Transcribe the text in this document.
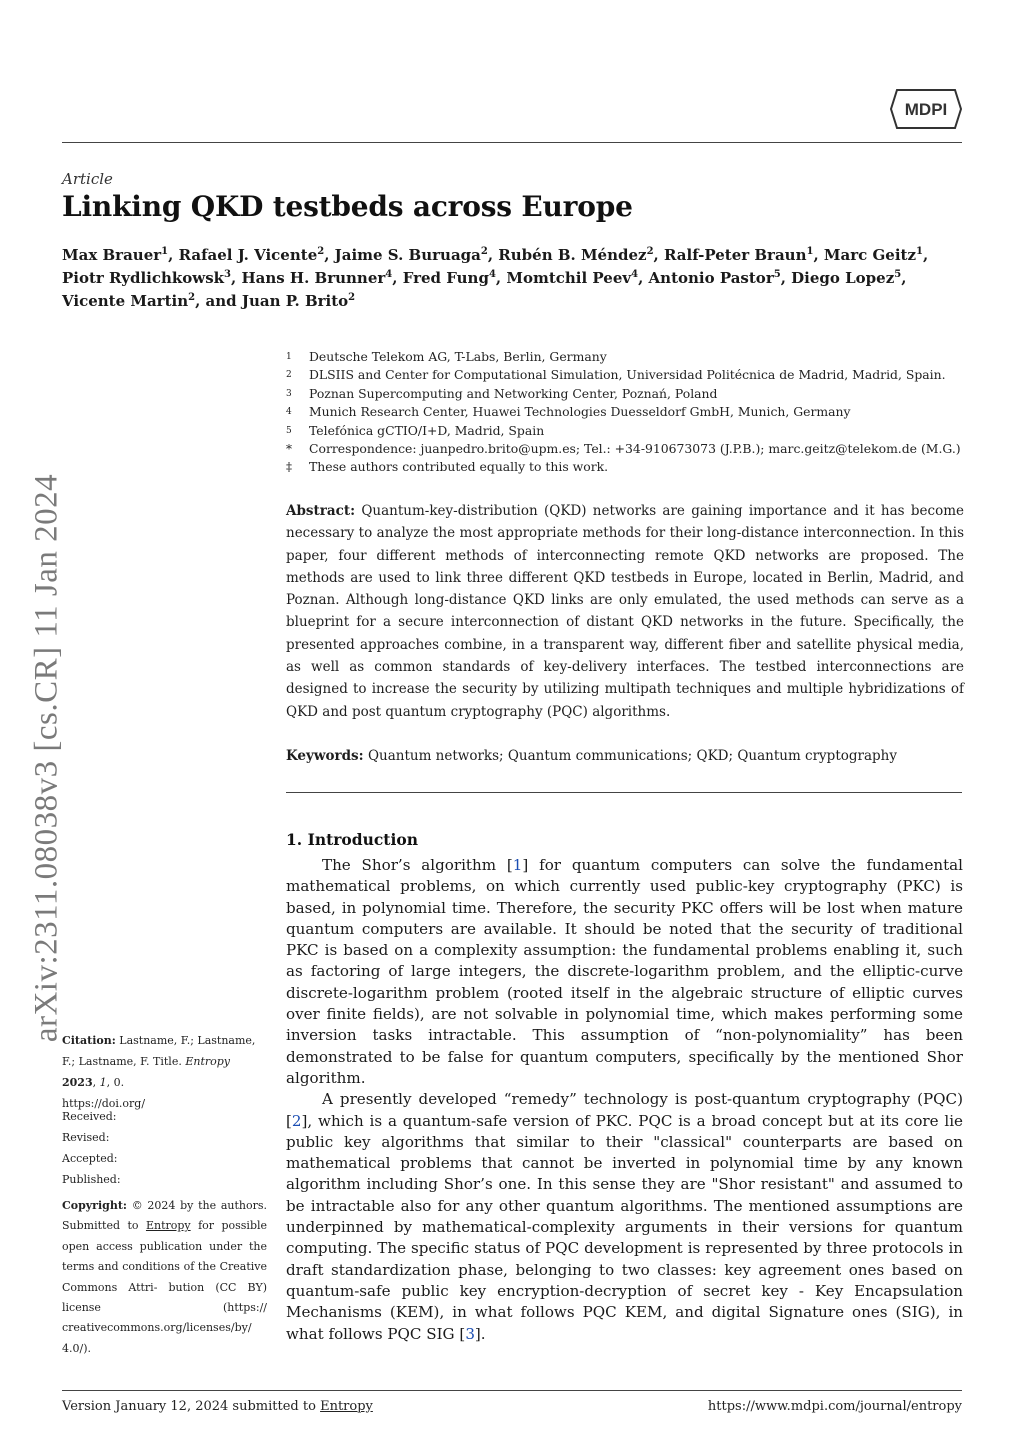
MDPI
Article
Linking QKD testbeds across Europe
Max Brauer$^1$, Rafael J. Vicente$^2$, Jaime S. Buruaga$^2$, Rubén B. Méndez$^2$, Ralf-Peter Braun$^1$, Marc Geitz$^1$, Piotr Rydlichkowsk$^3$, Hans H. Brunner$^4$, Fred Fung$^4$, Momtchil Peev$^4$, Antonio Pastor$^5$, Diego Lopez$^5$, Vicente Martin$^2$, and Juan P. Brito$^2$
1	Deutsche Telekom AG, T-Labs, Berlin, Germany
2	DLSIIS and Center for Computational Simulation, Universidad Politécnica de Madrid, Madrid, Spain.
3	Poznan Supercomputing and Networking Center, Poznań, Poland
4	Munich Research Center, Huawei Technologies Duesseldorf GmbH, Munich, Germany
5	Telefónica gCTIO/I+D, Madrid, Spain
*	Correspondence: juanpedro.brito@upm.es; Tel.: +34-910673073 (J.P.B.); marc.geitz@telekom.de (M.G.)
‡	These authors contributed equally to this work.
Abstract: Quantum-key-distribution (QKD) networks are gaining importance and it has become necessary to analyze the most appropriate methods for their long-distance interconnection. In this paper, four different methods of interconnecting remote QKD networks are proposed. The methods are used to link three different QKD testbeds in Europe, located in Berlin, Madrid, and Poznan. Although long-distance QKD links are only emulated, the used methods can serve as a blueprint for a secure interconnection of distant QKD networks in the future. Specifically, the presented approaches combine, in a transparent way, different fiber and satellite physical media, as well as common standards of key-delivery interfaces. The testbed interconnections are designed to increase the security by utilizing multipath techniques and multiple hybridizations of QKD and post quantum cryptography (PQC) algorithms.
Keywords: Quantum networks; Quantum communications; QKD; Quantum cryptography
1. Introduction

The Shor’s algorithm [1] for quantum computers can solve the fundamental mathematical problems, on which currently used public-key cryptography (PKC) is based, in polynomial time. Therefore, the security PKC offers will be lost when mature quantum computers are available. It should be noted that the security of traditional PKC is based on a complexity assumption: the fundamental problems enabling it, such as factoring of large integers, the discrete-logarithm problem, and the elliptic-curve discrete-logarithm problem (rooted itself in the algebraic structure of elliptic curves over finite fields), are not solvable in polynomial time, which makes performing some inversion tasks intractable. This assumption of “non-polynomiality” has been demonstrated to be false for quantum computers, specifically by the mentioned Shor algorithm.

A presently developed “remedy” technology is post-quantum cryptography (PQC) [2], which is a quantum-safe version of PKC. PQC is a broad concept but at its core lie public key algorithms that similar to their "classical" counterparts are based on mathematical problems that cannot be inverted in polynomial time by any known algorithm including Shor’s one. In this sense they are "Shor resistant" and assumed to be intractable also for any other quantum algorithms. The mentioned assumptions are underpinned by mathematical-complexity arguments in their versions for quantum computing. The specific status of PQC development is represented by three protocols in draft standardization phase, belonging to two classes: key agreement ones based on quantum-safe public key encryption-decryption of secret key - Key Encapsulation Mechanisms (KEM), in what follows PQC KEM, and digital Signature ones (SIG), in what follows PQC SIG [3].

arXiv:2311.08038v3 [cs.CR] 11 Jan 2024
Citation: Lastname, F.; Lastname, F.; Lastname, F. Title. Entropy 2023, 1, 0.
https://doi.org/
Received:
Revised:
Accepted:
Published:
Copyright: © 2024 by the authors. Submitted to Entropy for possible open access publication under the terms and conditions of the Creative Commons Attri- bution (CC BY) license (https:// creativecommons.org/licenses/by/ 4.0/).
Version January 12, 2024 submitted to Entropy	https://www.mdpi.com/journal/entropy
